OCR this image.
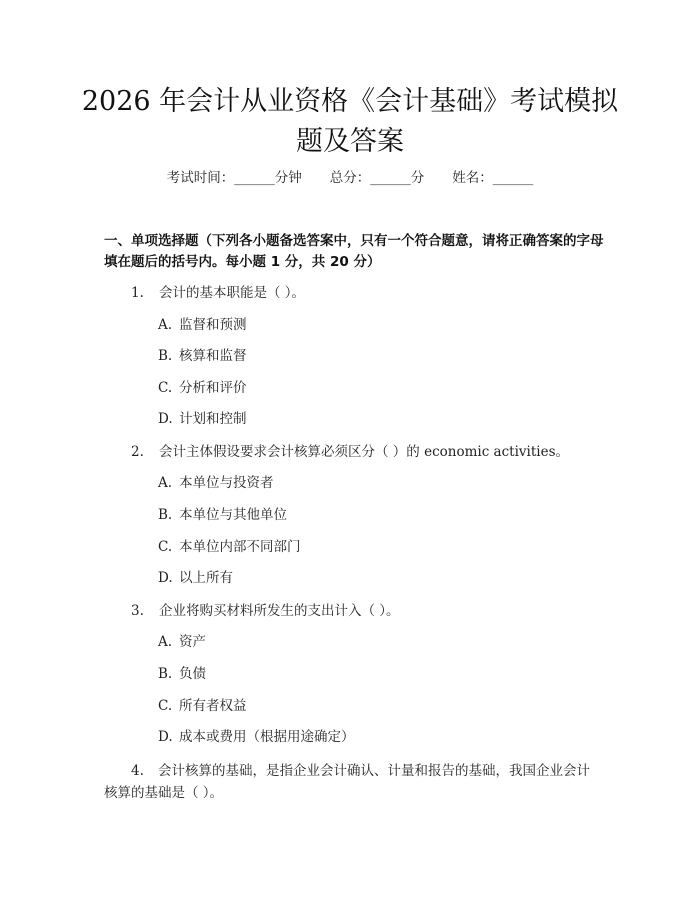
2026 年会计从业资格《会计基础》考试模拟
题及答案
考试时间：______分钟 总分：______分 姓名：______
一、单项选择题（下列各小题备选答案中，只有一个符合题意，请将正确答案的字母填在题后的括号内。每小题 1 分，共 20 分）
1. 会计的基本职能是（ ）。
A. 监督和预测
B. 核算和监督
C. 分析和评价
D. 计划和控制
2. 会计主体假设要求会计核算必须区分（ ）的 economic activities。
A. 本单位与投资者
B. 本单位与其他单位
C. 本单位内部不同部门
D. 以上所有
3. 企业将购买材料所发生的支出计入（ ）。
A. 资产
B. 负债
C. 所有者权益
D. 成本或费用（根据用途确定）
4. 会计核算的基础，是指企业会计确认、计量和报告的基础，我国企业会计核算的基础是（ ）。
